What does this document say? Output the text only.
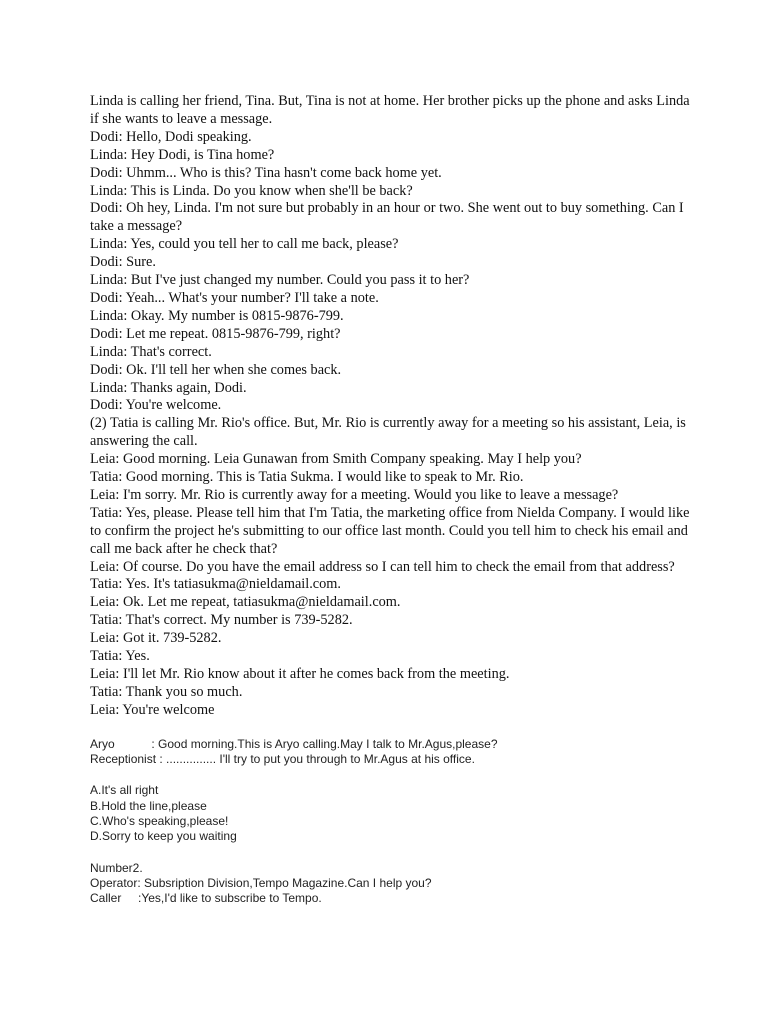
Linda is calling her friend, Tina. But, Tina is not at home. Her brother picks up the phone and asks Linda if she wants to leave a message.

Dodi: Hello, Dodi speaking.

Linda: Hey Dodi, is Tina home?

Dodi: Uhmm... Who is this? Tina hasn't come back home yet.

Linda: This is Linda. Do you know when she'll be back?

Dodi: Oh hey, Linda. I'm not sure but probably in an hour or two. She went out to buy something. Can I take a message?

Linda: Yes, could you tell her to call me back, please?

Dodi: Sure.

Linda: But I've just changed my number. Could you pass it to her?

Dodi: Yeah... What's your number? I'll take a note.

Linda: Okay. My number is 0815-9876-799.

Dodi: Let me repeat. 0815-9876-799, right?

Linda: That's correct.

Dodi: Ok. I'll tell her when she comes back.

Linda: Thanks again, Dodi.

Dodi: You're welcome.

(2) Tatia is calling Mr. Rio's office. But, Mr. Rio is currently away for a meeting so his assistant, Leia, is answering the call.

Leia: Good morning. Leia Gunawan from Smith Company speaking. May I help you?

Tatia: Good morning. This is Tatia Sukma. I would like to speak to Mr. Rio.

Leia: I'm sorry. Mr. Rio is currently away for a meeting. Would you like to leave a message?

Tatia: Yes, please. Please tell him that I'm Tatia, the marketing office from Nielda Company. I would like to confirm the project he's submitting to our office last month. Could you tell him to check his email and call me back after he check that?

Leia: Of course. Do you have the email address so I can tell him to check the email from that address?

Tatia: Yes. It's tatiasukma@nieldamail.com.

Leia: Ok. Let me repeat, tatiasukma@nieldamail.com.

Tatia: That's correct. My number is 739-5282.

Leia: Got it. 739-5282.

Tatia: Yes.

Leia: I'll let Mr. Rio know about it after he comes back from the meeting.

Tatia: Thank you so much.

Leia: You're welcome

Aryo           : Good morning.This is Aryo calling.May I talk to Mr.Agus,please?

Receptionist : ............... I'll try to put you through to Mr.Agus at his office.

A.It's all right

B.Hold the line,please

C.Who's speaking,please!

D.Sorry to keep you waiting

Number2.

Operator: Subsription Division,Tempo Magazine.Can I help you?

Caller     :Yes,I'd like to subscribe to Tempo.
